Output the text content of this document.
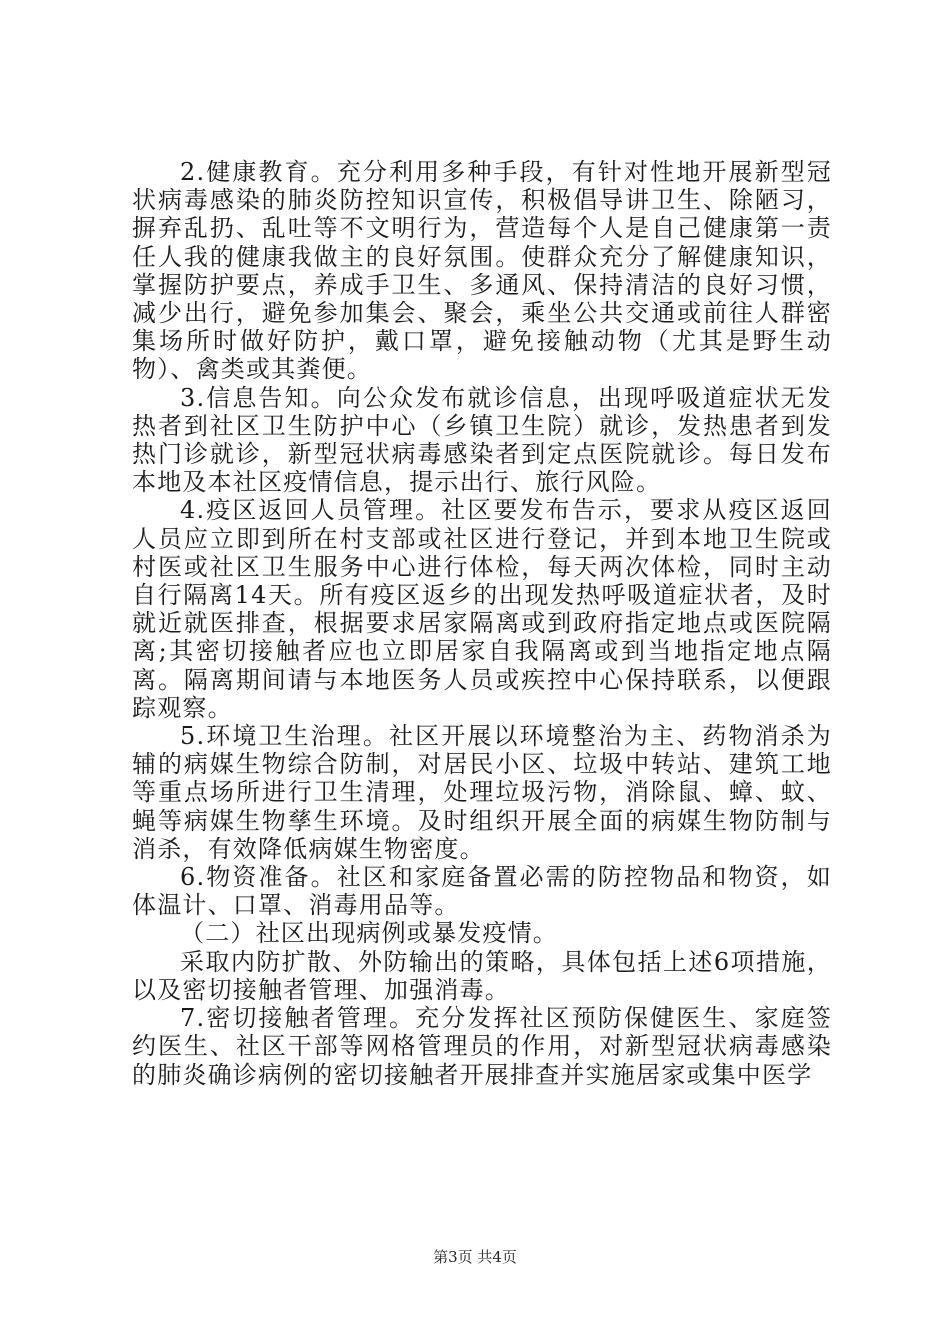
2.健康教育。充分利用多种手段，有针对性地开展新型冠状病毒感染的肺炎防控知识宣传，积极倡导讲卫生、除陋习，摒弃乱扔、乱吐等不文明行为，营造每个人是自己健康第一责任人我的健康我做主的良好氛围。使群众充分了解健康知识，掌握防护要点，养成手卫生、多通风、保持清洁的良好习惯，减少出行，避免参加集会、聚会，乘坐公共交通或前往人群密集场所时做好防护，戴口罩，避免接触动物（尤其是野生动物）、禽类或其粪便。

3.信息告知。向公众发布就诊信息，出现呼吸道症状无发热者到社区卫生防护中心（乡镇卫生院）就诊，发热患者到发热门诊就诊，新型冠状病毒感染者到定点医院就诊。每日发布本地及本社区疫情信息，提示出行、旅行风险。

4.疫区返回人员管理。社区要发布告示，要求从疫区返回人员应立即到所在村支部或社区进行登记，并到本地卫生院或村医或社区卫生服务中心进行体检，每天两次体检，同时主动自行隔离14天。所有疫区返乡的出现发热呼吸道症状者，及时就近就医排查，根据要求居家隔离或到政府指定地点或医院隔离;其密切接触者应也立即居家自我隔离或到当地指定地点隔离。隔离期间请与本地医务人员或疾控中心保持联系，以便跟踪观察。

5.环境卫生治理。社区开展以环境整治为主、药物消杀为辅的病媒生物综合防制，对居民小区、垃圾中转站、建筑工地等重点场所进行卫生清理，处理垃圾污物，消除鼠、蟑、蚊、蝇等病媒生物孳生环境。及时组织开展全面的病媒生物防制与消杀，有效降低病媒生物密度。

6.物资准备。社区和家庭备置必需的防控物品和物资，如体温计、口罩、消毒用品等。

（二）社区出现病例或暴发疫情。

采取内防扩散、外防输出的策略，具体包括上述6项措施，以及密切接触者管理、加强消毒。

7.密切接触者管理。充分发挥社区预防保健医生、家庭签约医生、社区干部等网格管理员的作用，对新型冠状病毒感染的肺炎确诊病例的密切接触者开展排查并实施居家或集中医学

第3页 共4页
